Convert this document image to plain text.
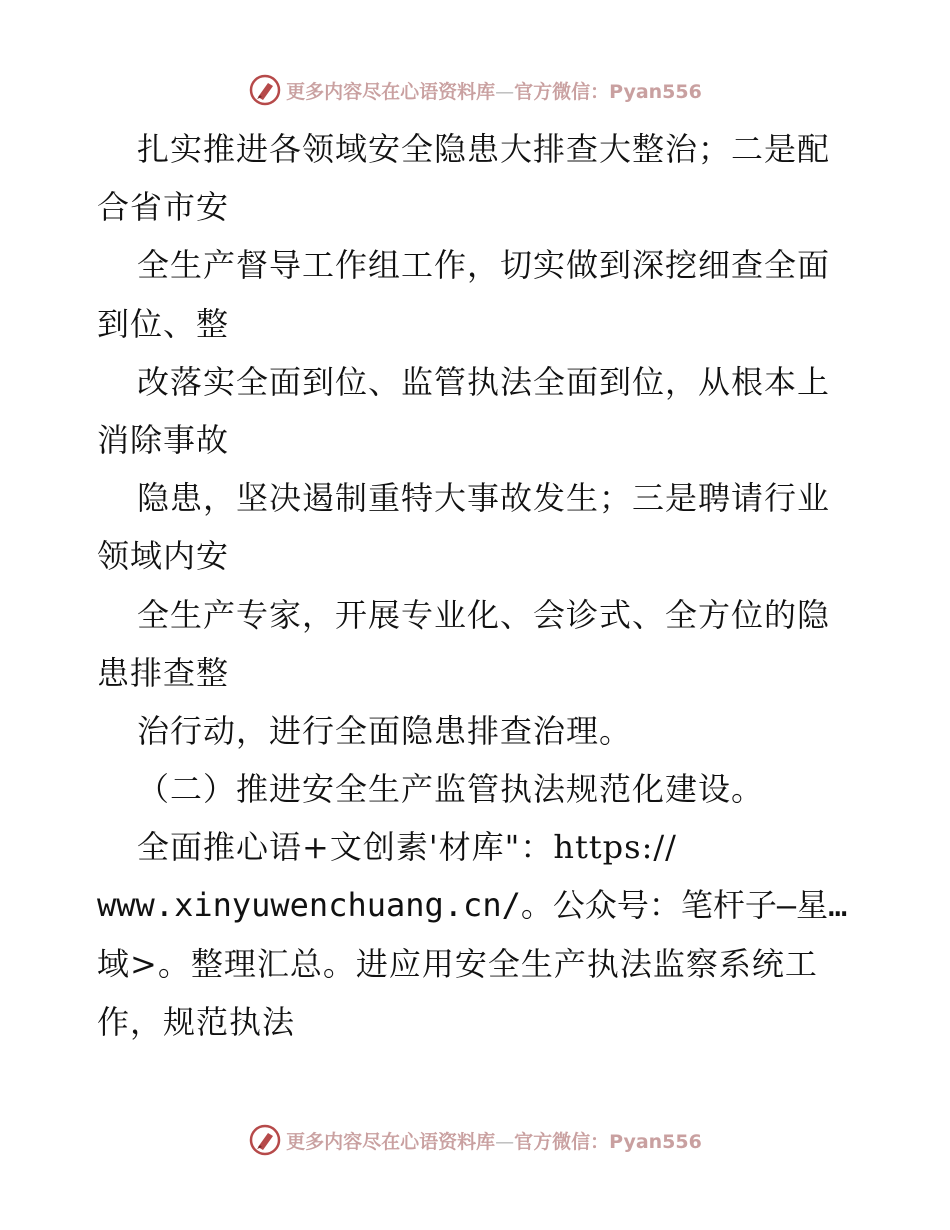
更多内容尽在心语资料库—官方微信：Pyan556
扎实推进各领域安全隐患大排查大整治；二是配
合省市安
全生产督导工作组工作，切实做到深挖细查全面
到位、整
改落实全面到位、监管执法全面到位，从根本上
消除事故
隐患，坚决遏制重特大事故发生；三是聘请行业
领域内安
全生产专家，开展专业化、会诊式、全方位的隐
患排查整
治行动，进行全面隐患排查治理。
（二）推进安全生产监管执法规范化建设。
全面推心语+文创素'材库"：https://
www.xinyuwenchuang.cn/。公众号：笔杆子—星…
域>。整理汇总。进应用安全生产执法监察系统工
作，规范执法
更多内容尽在心语资料库—官方微信：Pyan556
